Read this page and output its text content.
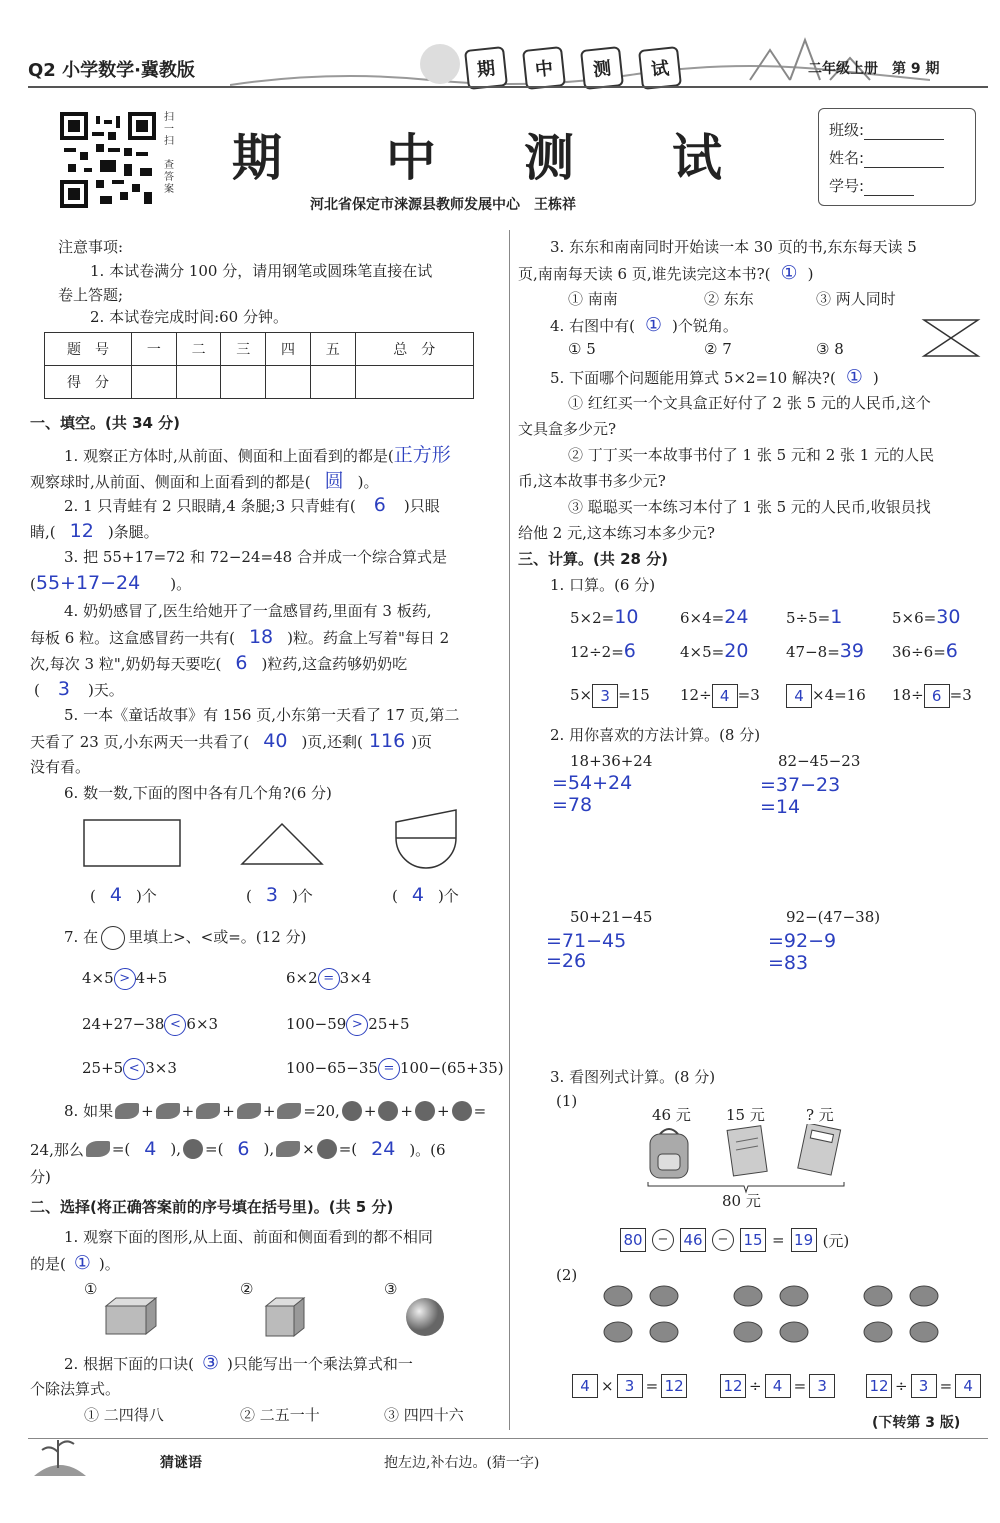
Q2 小学数学·冀教版	期	中	测	试	二年级上册　第 9 期
扫一扫
查答案
期 中 测 试	班级:
姓名:
学号:
河北省保定市涞源县教师发展中心　王栋祥
注意事项:
1. 本试卷满分 100 分，请用钢笔或圆珠笔直接在试
卷上答题;
2. 本试卷完成时间:60 分钟。
题　号	一	二	三	四	五	总　分
得　分						
一、填空。(共 34 分)
1. 观察正方体时,从前面、侧面和上面看到的都是(正方形
观察球时,从前面、侧面和上面看到的都是( 圆 )。
2. 1 只青蛙有 2 只眼睛,4 条腿;3 只青蛙有( 6 )只眼
睛,( 12 )条腿。
3. 把 55+17=72 和 72−24=48 合并成一个综合算式是
(55+17−24 )。
4. 奶奶感冒了,医生给她开了一盒感冒药,里面有 3 板药,
每板 6 粒。这盒感冒药一共有( 18 )粒。药盒上写着"每日 2
次,每次 3 粒",奶奶每天要吃( 6 )粒药,这盒药够奶奶吃
( 3 )天。
5. 一本《童话故事》有 156 页,小东第一天看了 17 页,第二
天看了 23 页,小东两天一共看了( 40 )页,还剩( 116 )页
没有看。
6. 数一数,下面的图中各有几个角?(6 分)
( 4 )个	( 3 )个	( 4 )个
7. 在 里填上>、<或=。(12 分)
4×5 > 4+5	6×2 = 3×4
24+27−38 < 6×3	100−59 > 25+5
25+5 < 3×3	100−65−35 = 100−(65+35)
8. 如果 +
+
+
+ =20, +
+
+
=
24,那么 =( 4 ), =( 6 ),
× =( 24 )。(6
分)
二、选择(将正确答案前的序号填在括号里)。(共 5 分)
1. 观察下面的图形,从上面、前面和侧面看到的都不相同
的是( ① )。
①	②	③
2. 根据下面的口诀( ③ )只能写出一个乘法算式和一
个除法算式。
① 二四得八	② 二五一十	③ 四四十六
3. 东东和南南同时开始读一本 30 页的书,东东每天读 5
页,南南每天读 6 页,谁先读完这本书?( ① )
① 南南	② 东东	③ 两人同时
4. 右图中有( ① )个锐角。
① 5	② 7	③ 8
5. 下面哪个问题能用算式 5×2=10 解决?( ① )
① 红红买一个文具盒正好付了 2 张 5 元的人民币,这个
文具盒多少元?
② 丁丁买一本故事书付了 1 张 5 元和 2 张 1 元的人民
币,这本故事书多少元?
③ 聪聪买一本练习本付了 1 张 5 元的人民币,收银员找
给他 2 元,这本练习本多少元?
三、计算。(共 28 分)
1. 口算。(6 分)
5×2=10	6×4=24	5÷5=1	5×6=30
12÷2=6	4×5=20	47−8=39 36÷6=6
5× 3 =15 12÷ 4 =3	4 ×4=16 18÷ 6 =3
2. 用你喜欢的方法计算。(8 分)
18+36+24
=54+24
=78
82−45−23
=37−23
=14
50+21−45
=71−45
=26
92−(47−38)
=92−9
=83
3. 看图列式计算。(8 分)
(1)
46 元 15 元	? 元
80 元
80	−	46	−	15 = 19 (元)
(2)
4 × 3 = 12	12 ÷ 4 = 3	12 ÷ 3 = 4
(下转第 3 版)
猜谜语	抱左边,补右边。(猜一字)
